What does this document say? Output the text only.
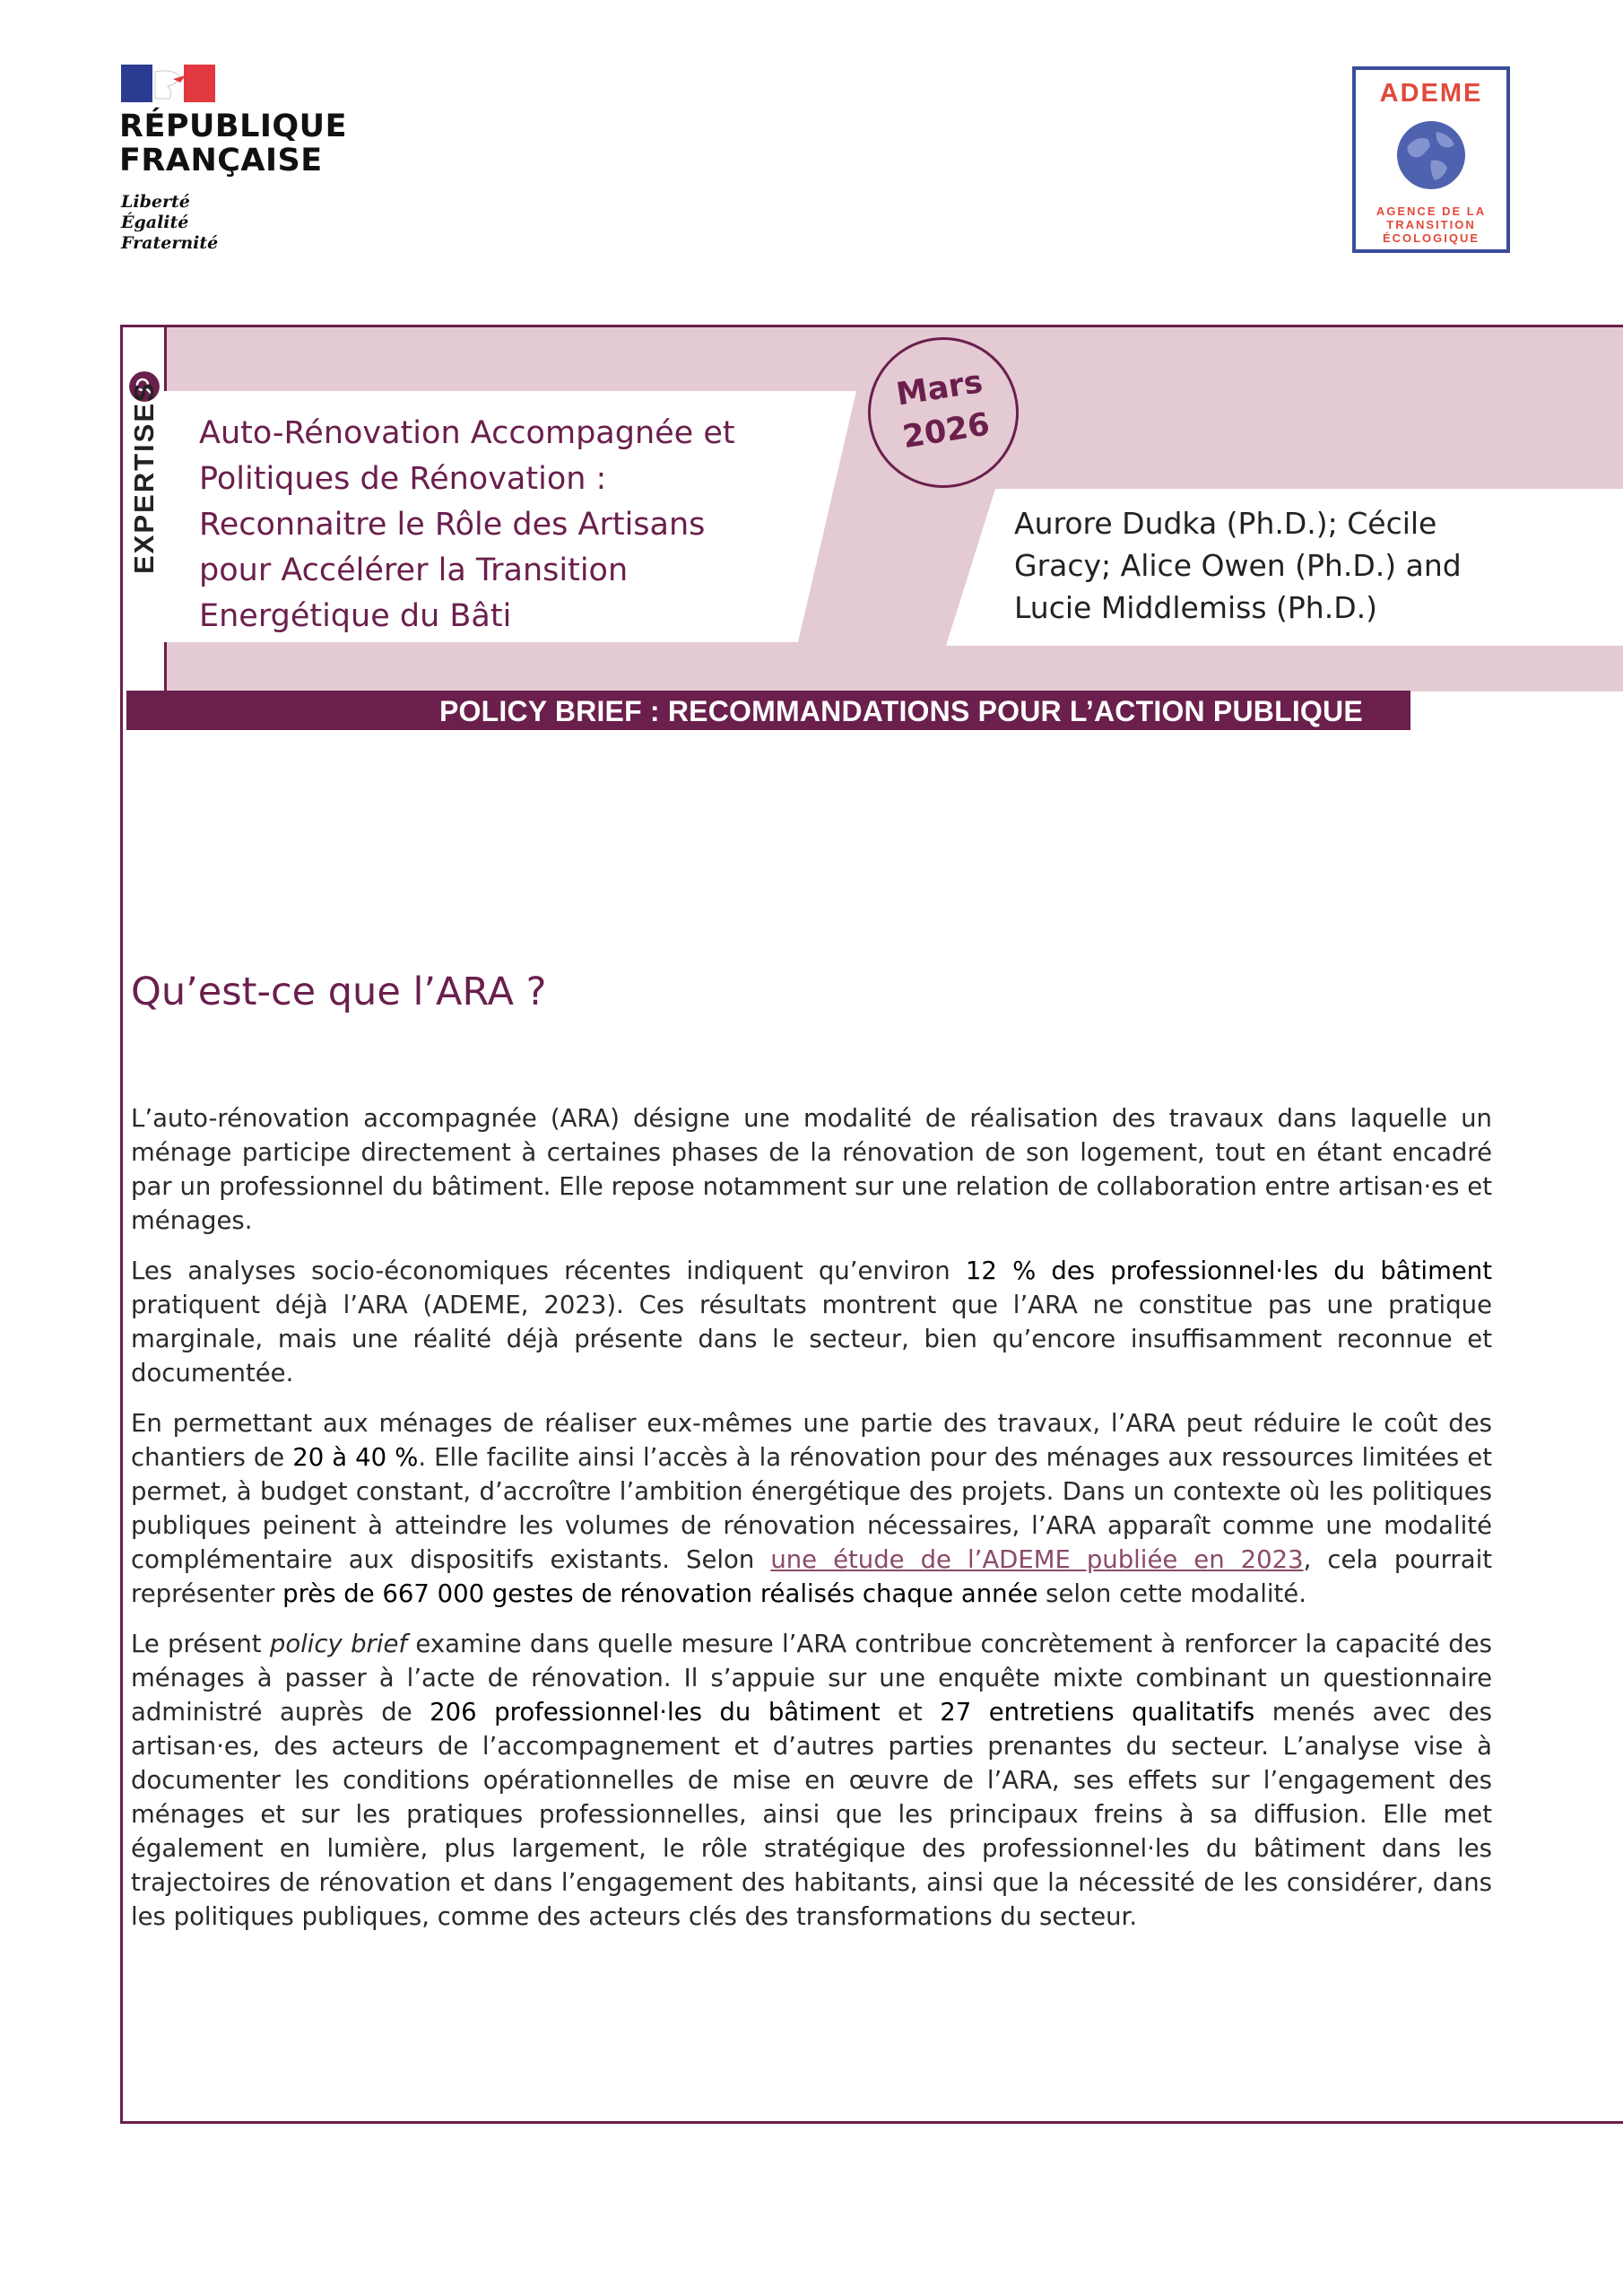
RÉPUBLIQUE
FRANÇAISE
Liberté
Égalité
Fraternité
ADEME
AGENCE DE LA
TRANSITION
ÉCOLOGIQUE
Auto-Rénovation Accompagnée et
Politiques de Rénovation :
Reconnaitre le Rôle des Artisans
pour Accélérer la Transition
Energétique du Bâti
Mars
2026
Aurore Dudka (Ph.D.); Cécile
Gracy; Alice Owen (Ph.D.) and
Lucie Middlemiss (Ph.D.)
POLICY BRIEF : RECOMMANDATIONS POUR L’ACTION PUBLIQUE
Qu’est-ce que l’ARA ?

L’auto-rénovation accompagnée (ARA) désigne une modalité de réalisation des travaux dans laquelle un ménage participe directement à certaines phases de la rénovation de son logement, tout en étant encadré par un professionnel du bâtiment. Elle repose notamment sur une relation de collaboration entre artisan·es et ménages.

Les analyses socio-économiques récentes indiquent qu’environ 12 % des professionnel·les du bâtiment pratiquent déjà l’ARA (ADEME, 2023). Ces résultats montrent que l’ARA ne constitue pas une pratique marginale, mais une réalité déjà présente dans le secteur, bien qu’encore insuffisamment reconnue et documentée.

En permettant aux ménages de réaliser eux-mêmes une partie des travaux, l’ARA peut réduire le coût des chantiers de 20 à 40 %. Elle facilite ainsi l’accès à la rénovation pour des ménages aux ressources limitées et permet, à budget constant, d’accroître l’ambition énergétique des projets. Dans un contexte où les politiques publiques peinent à atteindre les volumes de rénovation nécessaires, l’ARA apparaît comme une modalité complémentaire aux dispositifs existants. Selon une étude de l’ADEME publiée en 2023, cela pourrait représenter près de 667 000 gestes de rénovation réalisés chaque année selon cette modalité.

Le présent policy brief examine dans quelle mesure l’ARA contribue concrètement à renforcer la capacité des ménages à passer à l’acte de rénovation. Il s’appuie sur une enquête mixte combinant un questionnaire administré auprès de 206 professionnel·les du bâtiment et 27 entretiens qualitatifs menés avec des artisan·es, des acteurs de l’accompagnement et d’autres parties prenantes du secteur. L’analyse vise à documenter les conditions opérationnelles de mise en œuvre de l’ARA, ses effets sur l’engagement des ménages et sur les pratiques professionnelles, ainsi que les principaux freins à sa diffusion. Elle met également en lumière, plus largement, le rôle stratégique des professionnel·les du bâtiment dans les trajectoires de rénovation et dans l’engagement des habitants, ainsi que la nécessité de les considérer, dans les politiques publiques, comme des acteurs clés des transformations du secteur.
